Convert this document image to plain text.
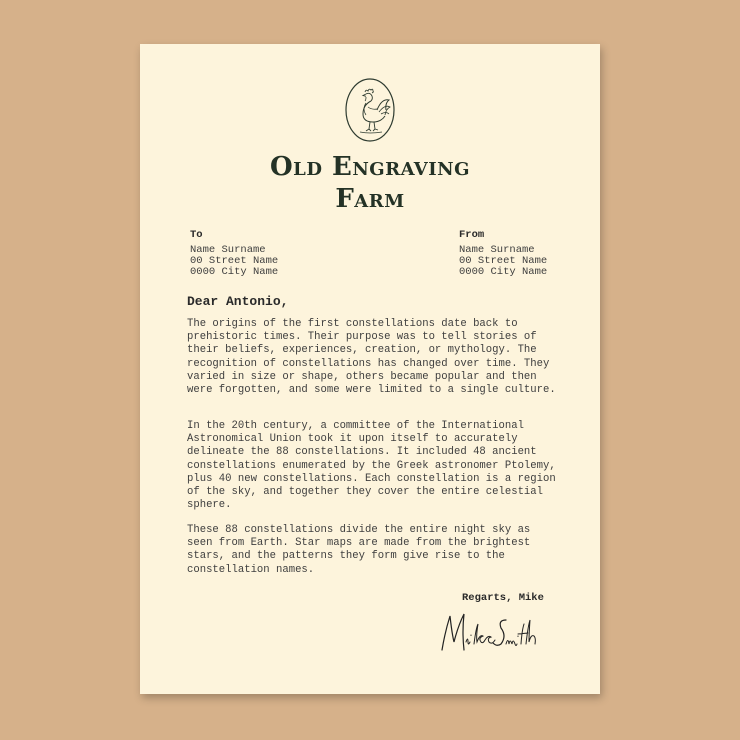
Old Engraving
Farm
To
Name Surname
00 Street Name
0000 City Name
From
Name Surname
00 Street Name
0000 City Name
Dear Antonio,

The origins of the first constellations date back to prehistoric times. Their purpose was to tell stories of their beliefs, experiences, creation, or mythology. The recognition of constellations has changed over time. They varied in size or shape, others became popular and then were forgotten, and some were limited to a single culture.

In the 20th century, a committee of the International Astronomical Union took it upon itself to accurately delineate the 88 constellations. It included 48 ancient constellations enumerated by the Greek astronomer Ptolemy, plus 40 new constellations. Each constellation is a region of the sky, and together they cover the entire celestial sphere.

These 88 constellations divide the entire night sky as seen from Earth. Star maps are made from the brightest stars, and the patterns they form give rise to the constellation names.

Regarts, Mike
